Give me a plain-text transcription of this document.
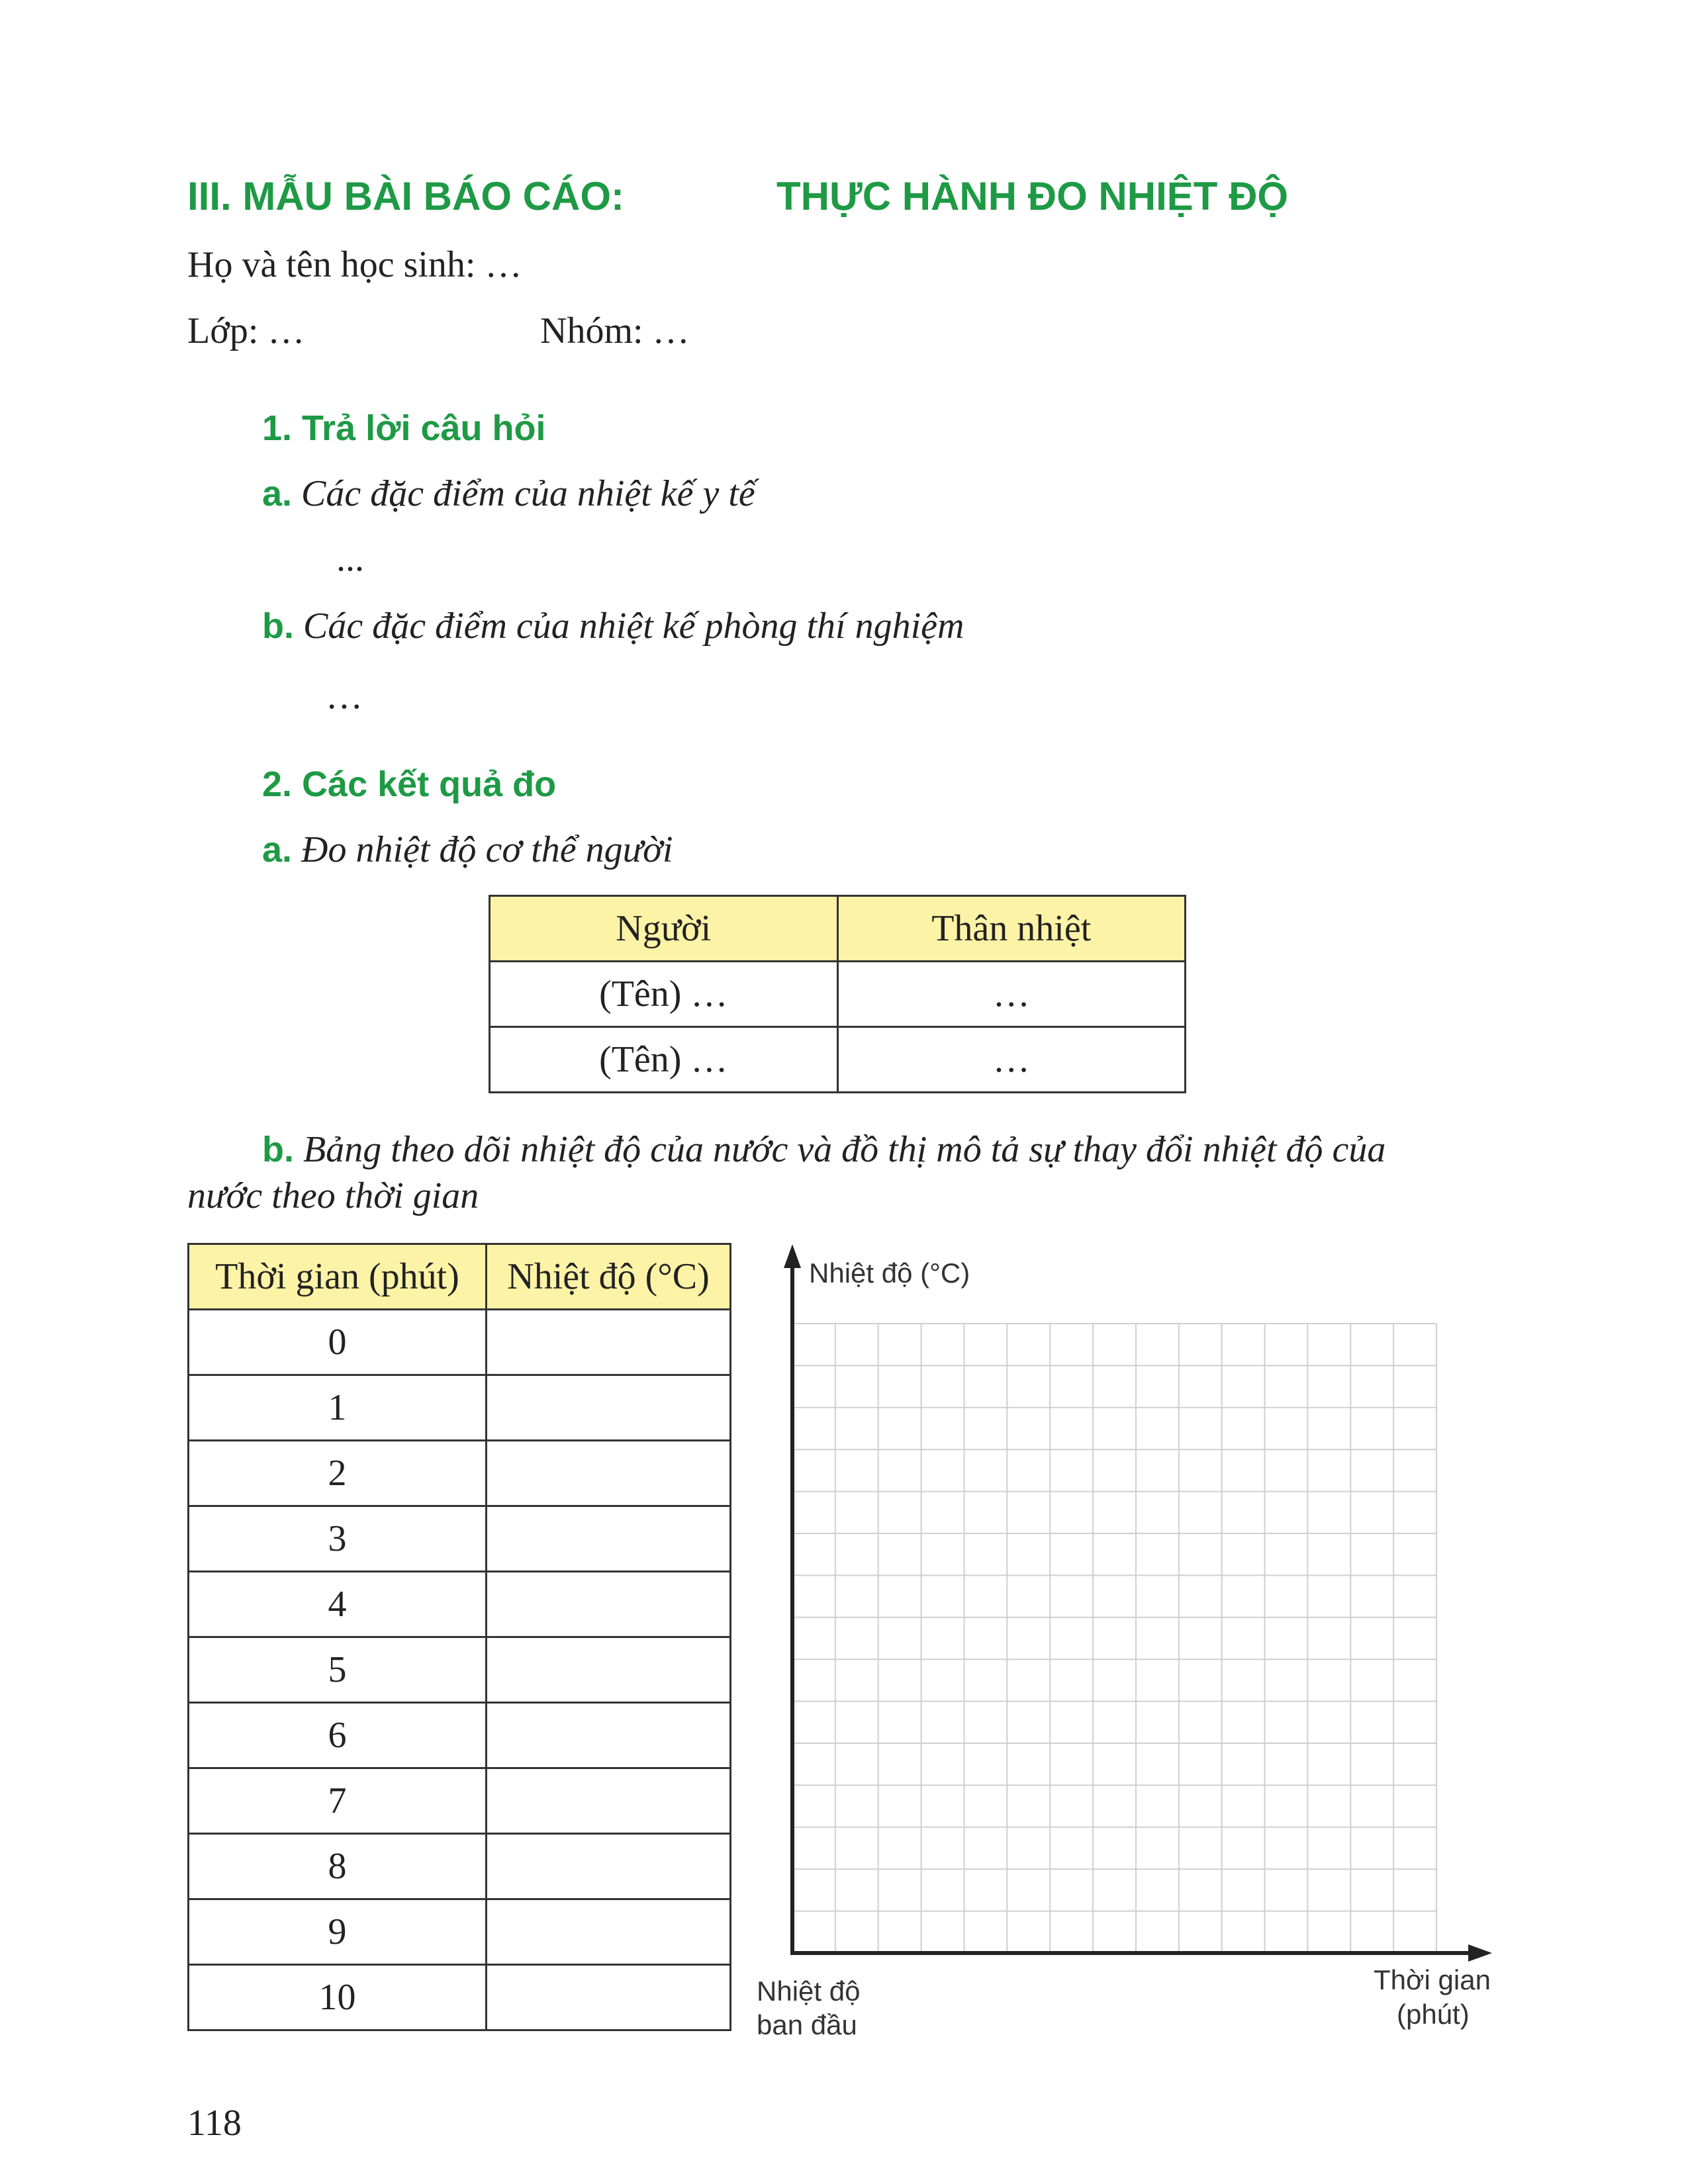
III. MẪU BÀI BÁO CÁO:	THỰC HÀNH ĐO NHIỆT ĐỘ
Họ và tên học sinh: …
Lớp: …	Nhóm: …
1. Trả lời câu hỏi
a. Các đặc điểm của nhiệt kế y tế
...
b. Các đặc điểm của nhiệt kế phòng thí nghiệm
…
2. Các kết quả đo
a. Đo nhiệt độ cơ thể người
Người	Thân nhiệt
(Tên) …	…
(Tên) …	…
b. Bảng theo dõi nhiệt độ của nước và đồ thị mô tả sự thay đổi nhiệt độ của
nước theo thời gian
Thời gian (phút)	Nhiệt độ (°C)
0	
1	
2	
3	
4	
5	
6	
7	
8	
9	
10	
Nhiệt độ (°C)
Nhiệt độ
ban đầu
Thời gian
(phút)
118
